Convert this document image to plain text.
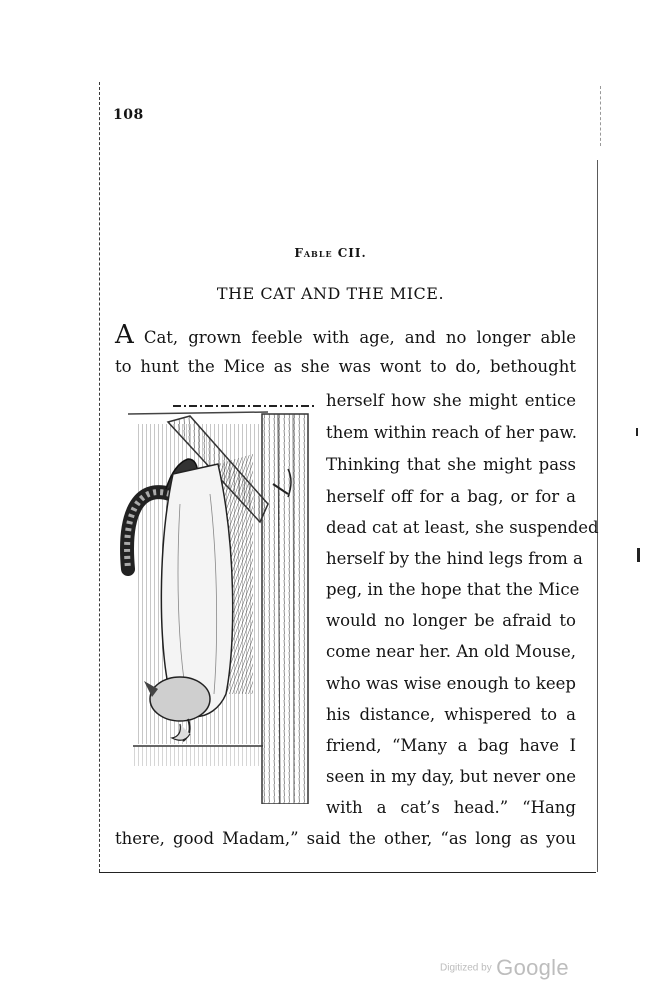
108
Fable CII.
THE CAT AND THE MICE.
A Cat, grown feeble with age, and no longer able
to hunt the Mice as she was wont to do, bethought
herself how she might entice
them within reach of her paw.
Thinking that she might pass
herself off for a bag, or for a
dead cat at least, she suspended
herself by the hind legs from a
peg, in the hope that the Mice
would no longer be afraid to
come near her. An old Mouse,
who was wise enough to keep
his distance, whispered to a
friend, “Many a bag have I
seen in my day, but never one
with a cat’s head.” “Hang
there, good Madam,” said the other, “as long as you
Digitized by Google
